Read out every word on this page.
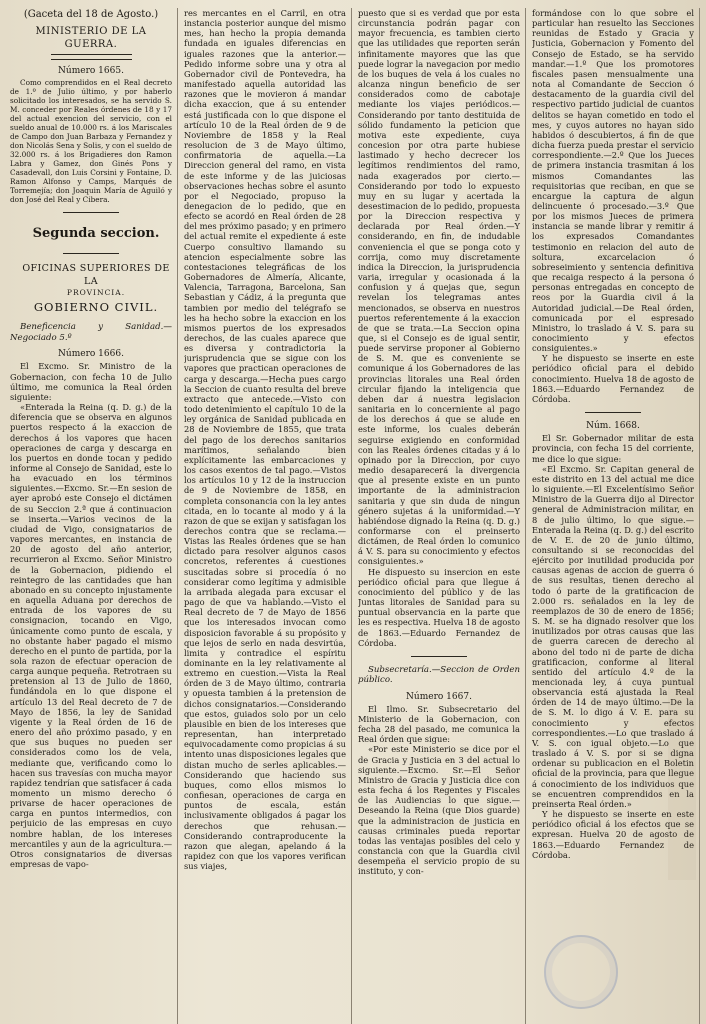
(Gaceta del 18 de Agosto.)

MINISTERIO DE LA GUERRA.

Número 1665.

Como comprendidos en el Real decreto de 1.º de Julio último, y por haberlo solicitado los interesados, se ha servido S. M. conceder por Reales órdenes de 18 y 17 del actual exencion del servicio, con el sueldo anual de 10.000 rs. á los Mariscales de Campo don Juan Barbaza y Fernandez y don Nicolás Sena y Solis, y con el sueldo de 32.000 rs. á los Brigadieres don Ramon Labra y Gamez, don Ginés Pons y Casadevall, don Luis Corsini y Fontaine, D. Ramon Alfonso y Camps, Marqués de Torremejía; don Joaquin María de Aguiló y don José del Real y Cibera.

Segunda seccion.

OFICINAS SUPERIORES DE LA

PROVINCIA.

GOBIERNO CIVIL.

Beneficencia y Sanidad.—Negociado 5.º

Número 1666.

El Excmo. Sr. Ministro de la Gobernacion, con fecha 10 de Julio último, me comunica la Real órden siguiente:

«Enterada la Reina (q. D. g.) de la diferencia que se observa en algunos puertos respecto á la exaccion de derechos á los vapores que hacen operaciones de carga y descarga en los puertos en donde tocan y pedido informe al Consejo de Sanidad, este lo ha evacuado en los términos siguientes.—Excmo. Sr.—En sesion de ayer aprobó este Consejo el dictámen de su Seccion 2.ª que á continuacion se inserta.—Varios vecinos de la ciudad de Vigo, consignatarios de vapores mercantes, en instancia de 20 de agosto del año anterior, recurrieron al Excmo. Señor Ministro de la Gobernacion, pidiendo el reintegro de las cantidades que han abonado en su concepto injustamente en aquella Aduana por derechos de entrada de los vapores de su consignacion, tocando en Vigo, únicamente como punto de escala, y no obstante haber pagado el mismo derecho en el punto de partida, por la sola razon de efectuar operacion de carga aunque pequeña. Retrotraen su pretension al 13 de Julio de 1860, fundándola en lo que dispone el artículo 13 del Real decreto de 7 de Mayo de 1856, la ley de Sanidad vigente y la Real órden de 16 de enero del año próximo pasado, y en que sus buques no pueden ser considerados como los de vela, mediante que, verificando como lo hacen sus travesías con mucha mayor rapidez tendrían que satisfacer á cada momento un mismo derecho ó privarse de hacer operaciones de carga en puntos intermedios, con perjuicio de las empresas en cuyo nombre hablan, de los intereses mercantiles y aun de la agricultura.—Otros consignatarios de diversas empresas de vapo-

res mercantes en el Carril, en otra instancia posterior aunque del mismo mes, han hecho la propia demanda fundada en iguales diferencias en iguales razones que la anterior.—Pedido informe sobre una y otra al Gobernador civil de Pontevedra, ha manifestado aquella autoridad las razones que le movieron á mandar dicha exaccion, que á su entender está justificada con lo que dispone el artículo 10 de la Real órden de 9 de Noviembre de 1858 y la Real resolucion de 3 de Mayo último, confirmatoria de aquella.—La Direccion general del ramo, en vista de este informe y de las juiciosas observaciones hechas sobre el asunto por el Negociado, propuso la denegacion de lo pedido, que en efecto se acordó en Real órden de 28 del mes próximo pasado; y en primero del actual remite el expediente á este Cuerpo consultivo llamando su atencion especialmente sobre las contestaciones telegráficas de los Gobernadores de Almería, Alicante, Valencia, Tarragona, Barcelona, San Sebastian y Cádiz, á la pregunta que tambien por medio del telégrafo se les ha hecho sobre la exaccion en los mismos puertos de los expresados derechos, de las cuales aparece que es diversa y contradictoria la jurisprudencia que se sigue con los vapores que practican operaciones de carga y descarga.—Hecha pues cargo la Seccion de cuanto resulta del breve extracto que antecede.—Visto con todo detenimiento el capítulo 10 de la ley orgánica de Sanidad publicada en 28 de Noviembre de 1855, que trata del pago de los derechos sanitarios marítimos, señalando bien explícitamente las embarcaciones y los casos exentos de tal pago.—Vistos los artículos 10 y 12 de la instruccion de 9 de Noviembre de 1858, en completa consonancia con la ley antes citada, en lo tocante al modo y á la razon de que se exijan y satisfagan los derechos contra que se reclama.—Vistas las Reales órdenes que se han dictado para resolver algunos casos concretos, referentes á cuestiones suscitadas sobre si procedía ó no considerar como legítima y admisible la arribada alegada para excusar el pago de que va hablando.—Visto el Real decreto de 7 de Mayo de 1856 que los interesados invocan como disposicion favorable á su propósito y que lejos de serlo en nada desvirtúa, limita y contradice el espíritu dominante en la ley relativamente al extremo en cuestion.—Vista la Real órden de 3 de Mayo último, contraria y opuesta tambien á la pretension de dichos consignatarios.—Considerando que estos, guiados solo por un celo plausible en bien de los intereses que representan, han interpretado equivocadamente como propicias á su intento unas disposiciones legales que distan mucho de serles aplicables.—Considerando que haciendo sus buques, como ellos mismos lo confiesan, operaciones de carga en puntos de escala, están inclusivamente obligados á pagar los derechos que rehusan.—Considerando contraproducente la razon que alegan, apelando á la rapidez con que los vapores verifican sus viajes,

puesto que si es verdad que por esta circunstancia podrán pagar con mayor frecuencia, es tambien cierto que las utilidades que reporten serán infinitamente mayores que las que puede lograr la navegacion por medio de los buques de vela á los cuales no alcanza ningun beneficio de ser considerados como de cabotaje mediante los viajes periódicos.—Considerando por tanto destituida de sólido fundamento la peticion que motiva este expediente, cuya concesion por otra parte hubiese lastimado y hecho decrecer los legítimos rendimientos del ramo, nada exagerados por cierto.—Considerando por todo lo expuesto muy en su lugar y acertada la desestimacion de lo pedido, propuesta por la Direccion respectiva y declarada por Real órden.—Y considerando, en fin, de indudable conveniencia el que se ponga coto y corrija, como muy discretamente indica la Direccion, la jurisprudencia varia, irregular y ocasionada á la confusion y á quejas que, segun revelan los telegramas antes mencionados, se observa en nuestros puertos referentemente á la exaccion de que se trata.—La Seccion opina que, si el Consejo es de igual sentir, puede servirse proponer al Gobierno de S. M. que es conveniente se comunique á los Gobernadores de las provincias litorales una Real órden circular fijando la inteligencia que deben dar á nuestra legislacion sanitaria en lo concerniente al pago de los derechos á que se alude en este informe, los cuales deberán seguirse exigiendo en conformidad con las Reales órdenes citadas y á lo opinado por la Direccion, por cuyo medio desaparecerá la divergencia que al presente existe en un punto importante de la administracion sanitaria y que sin duda de ningun género sujetas á la uniformidad.—Y habiéndose dignado la Reina (q. D. g.) conformarse con el preinserto dictámen, de Real órden lo comunico á V. S. para su conocimiento y efectos consiguientes.»

He dispuesto su insercion en este periódico oficial para que llegue á conocimiento del público y de las Juntas litorales de Sanidad para su puntual observancia en la parte que les es respectiva. Huelva 18 de agosto de 1863.—Eduardo Fernandez de Córdoba.

Subsecretaría.—Seccion de Orden público.

Número 1667.

El Ilmo. Sr. Subsecretario del Ministerio de la Gobernacion, con fecha 28 del pasado, me comunica la Real órden que sigue:

«Por este Ministerio se dice por el de Gracia y Justicia en 3 del actual lo siguiente.—Excmo. Sr.—El Señor Ministro de Gracia y Justicia dice con esta fecha á los Regentes y Fiscales de las Audiencias lo que sigue.—Deseando la Reina (que Dios guarde) que la administracion de justicia en causas criminales pueda reportar todas las ventajas posibles del celo y constancia con que la Guardia civil desempeña el servicio propio de su instituto, y con-

formándose con lo que sobre el particular han resuelto las Secciones reunidas de Estado y Gracia y Justicia, Gobernacion y Fomento del Consejo de Estado, se ha servido mandar.—1.º Que los promotores fiscales pasen mensualmente una nota al Comandante de Seccion ó destacamento de la guardia civil del respectivo partido judicial de cuantos delitos se hayan cometido en todo el mes, y cuyos autores no hayan sido habidos ó descubiertos, á fin de que dicha fuerza pueda prestar el servicio correspondiente.—2.º Que los Jueces de primera instancia trasmitan á los mismos Comandantes las requisitorias que reciban, en que se encargue la captura de algun delincuente ó procesado.—3.º Que por los mismos Jueces de primera instancia se mande librar y remitir á los expresados Comandantes testimonio en relacion del auto de soltura, excarcelacion ó sobreseimiento y sentencia definitiva que recaiga respecto á la persona ó personas entregadas en concepto de reos por la Guardia civil á la Autoridad judicial.—De Real órden, comunicada por el espresado Ministro, lo traslado á V. S. para su conocimiento y efectos consiguientes.»

Y he dispuesto se inserte en este periódico oficial para el debido conocimiento. Huelva 18 de agosto de 1863.—Eduardo Fernandez de Córdoba.

Núm. 1668.

El Sr. Gobernador militar de esta provincia, con fecha 15 del corriente, me dice lo que sigue:

«El Excmo. Sr. Capitan general de este distrito en 13 del actual me dice lo siguiente.—El Excelentísimo Señor Ministro de la Guerra dijo al Director general de Administracion militar, en 8 de julio último, lo que sigue.—Enterada la Reina (q. D. g.) del escrito de V. E. de 20 de junio último, consultando si se reconocidas del ejército por inutilidad producida por causas agenas de accion de guerra ó de sus resultas, tienen derecho al todo ó parte de la gratificacion de 2.000 rs. señalados en la ley de reemplazos de 30 de enero de 1856; S. M. se ha dignado resolver que los inutilizados por otras causas que las de guerra carecen de derecho al abono del todo ni de parte de dicha gratificacion, conforme al literal sentido del artículo 4.º de la mencionada ley, á cuya puntual observancia está ajustada la Real órden de 14 de mayo último.—De la de S. M. lo digo á V. E. para su conocimiento y efectos correspondientes.—Lo que traslado á V. S. con igual objeto.—Lo que traslado á V. S. por si se digna ordenar su publicacion en el Boletin oficial de la provincia, para que llegue á conocimiento de los individuos que se encuentren comprendidos en la preinserta Real órden.»

Y he dispuesto se inserte en este periódico oficial á los efectos que se expresan. Huelva 20 de agosto de 1863.—Eduardo Fernandez de Córdoba.
